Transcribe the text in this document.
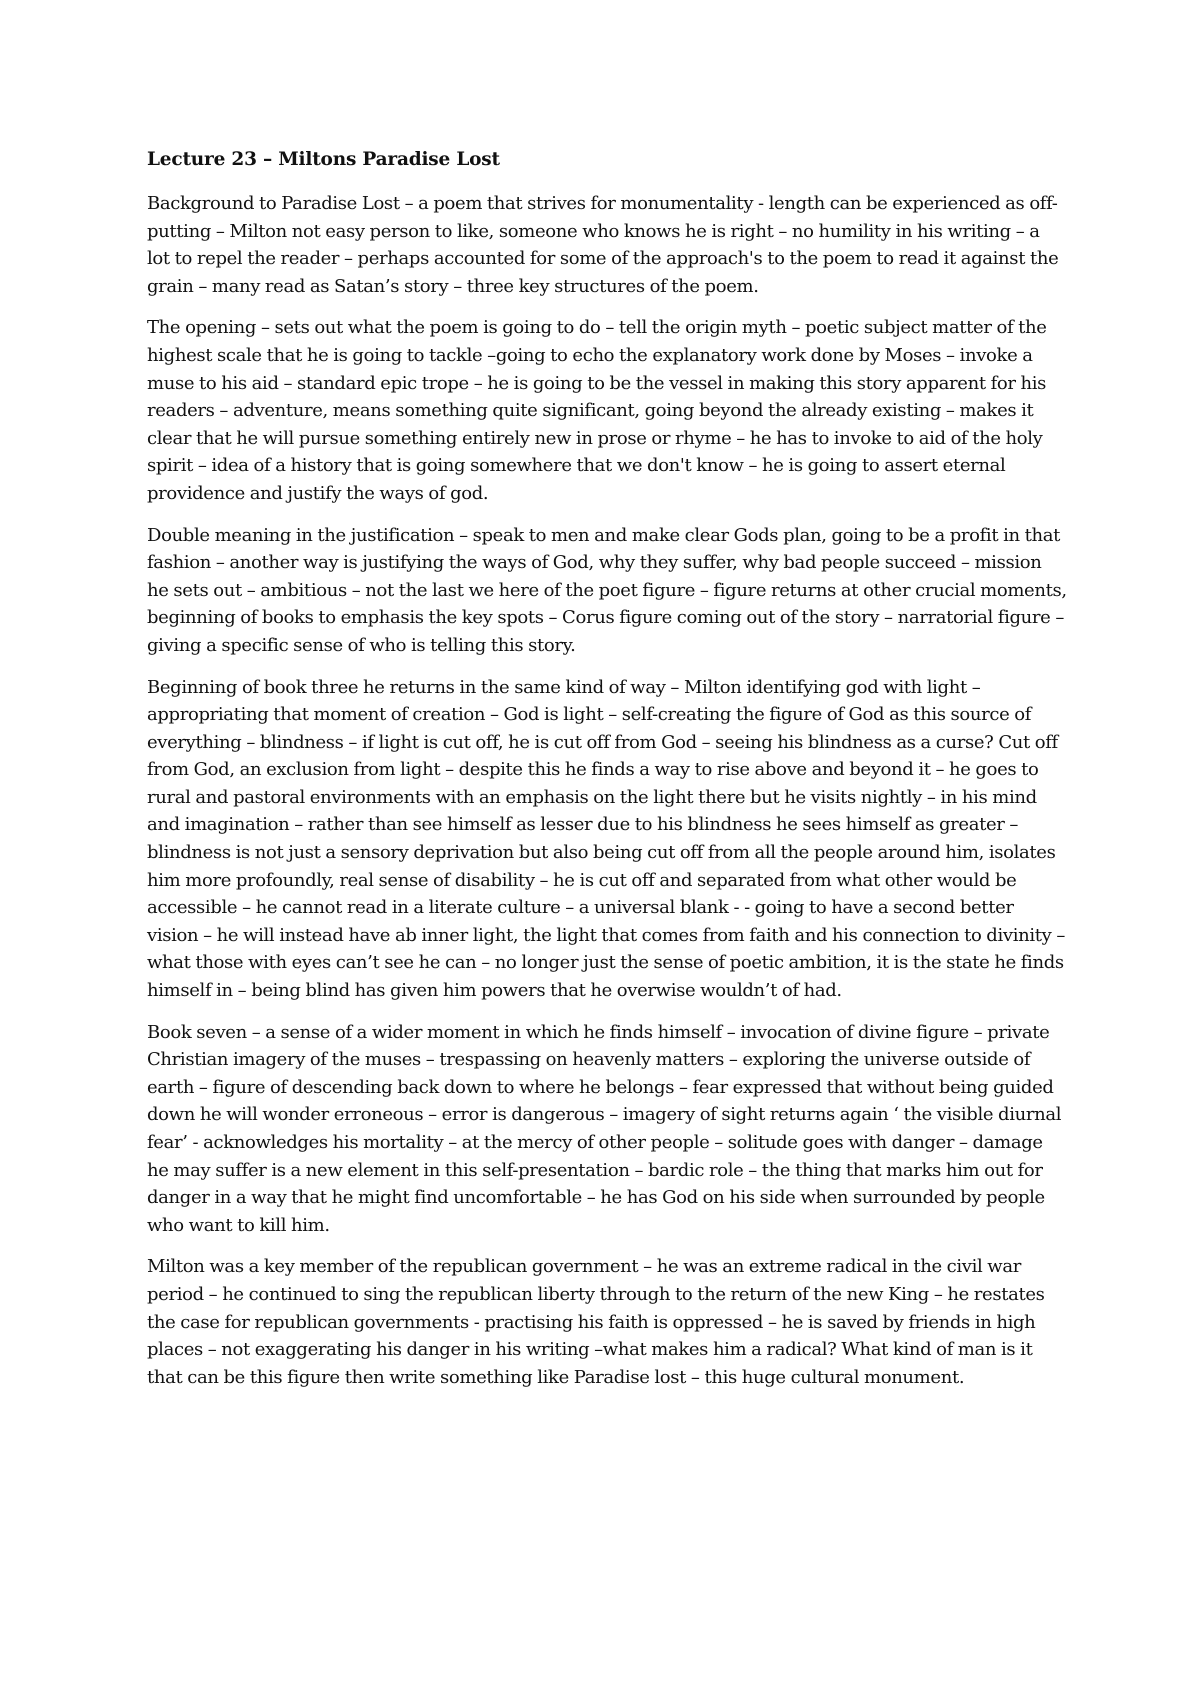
Lecture 23 – Miltons Paradise Lost

Background to Paradise Lost – a poem that strives for monumentality - length can be experienced as off-putting – Milton not easy person to like, someone who knows he is right – no humility in his writing – a lot to repel the reader – perhaps accounted for some of the approach's to the poem to read it against the grain – many read as Satan’s story – three key structures of the poem.

The opening – sets out what the poem is going to do – tell the origin myth – poetic subject matter of the highest scale that he is going to tackle –going to echo the explanatory work done by Moses – invoke a muse to his aid – standard epic trope – he is going to be the vessel in making this story apparent for his readers – adventure, means something quite significant, going beyond the already existing – makes it clear that he will pursue something entirely new in prose or rhyme – he has to invoke to aid of the holy spirit – idea of a history that is going somewhere that we don't know – he is going to assert eternal providence and justify the ways of god.

Double meaning in the justification – speak to men and make clear Gods plan, going to be a profit in that fashion – another way is justifying the ways of God, why they suffer, why bad people succeed – mission he sets out – ambitious – not the last we here of the poet figure – figure returns at other crucial moments, beginning of books to emphasis the key spots – Corus figure coming out of the story – narratorial figure – giving a specific sense of who is telling this story.

Beginning of book three he returns in the same kind of way – Milton identifying god with light – appropriating that moment of creation – God is light – self-creating the figure of God as this source of everything – blindness – if light is cut off, he is cut off from God – seeing his blindness as a curse? Cut off from God, an exclusion from light – despite this he finds a way to rise above and beyond it – he goes to rural and pastoral environments with an emphasis on the light there but he visits nightly – in his mind and imagination – rather than see himself as lesser due to his blindness he sees himself as greater – blindness is not just a sensory deprivation but also being cut off from all the people around him, isolates him more profoundly, real sense of disability – he is cut off and separated from what other would be accessible – he cannot read in a literate culture – a universal blank - - going to have a second better vision – he will instead have ab inner light, the light that comes from faith and his connection to divinity – what those with eyes can’t see he can – no longer just the sense of poetic ambition, it is the state he finds himself in – being blind has given him powers that he overwise wouldn’t of had.

Book seven – a sense of a wider moment in which he finds himself – invocation of divine figure – private Christian imagery of the muses – trespassing on heavenly matters – exploring the universe outside of earth – figure of descending back down to where he belongs – fear expressed that without being guided down he will wonder erroneous – error is dangerous – imagery of sight returns again ‘ the visible diurnal fear’ - acknowledges his mortality – at the mercy of other people – solitude goes with danger – damage he may suffer is a new element in this self-presentation – bardic role – the thing that marks him out for danger in a way that he might find uncomfortable – he has God on his side when surrounded by people who want to kill him.

Milton was a key member of the republican government – he was an extreme radical in the civil war period – he continued to sing the republican liberty through to the return of the new King – he restates the case for republican governments - practising his faith is oppressed – he is saved by friends in high places – not exaggerating his danger in his writing –what makes him a radical? What kind of man is it that can be this figure then write something like Paradise lost – this huge cultural monument.
